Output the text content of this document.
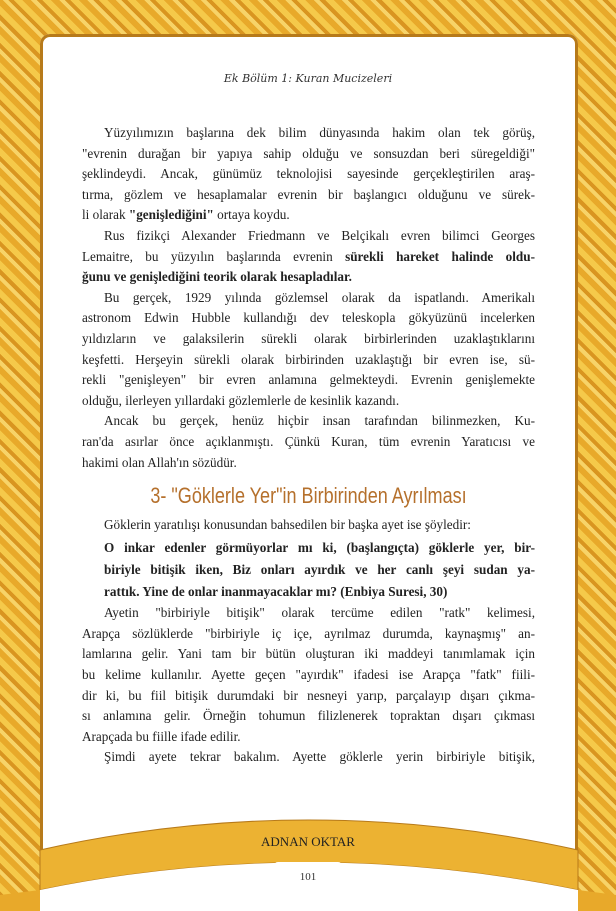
Ek Bölüm 1: Kuran Mucizeleri
Yüzyılımızın başlarına dek bilim dünyasında hakim olan tek görüş,
"evrenin durağan bir yapıya sahip olduğu ve sonsuzdan beri süregeldiği"
şeklindeydi. Ancak, günümüz teknolojisi sayesinde gerçekleştirilen araş-
tırma, gözlem ve hesaplamalar evrenin bir başlangıcı olduğunu ve sürek-
li olarak "genişlediğini" ortaya koydu.
Rus fizikçi Alexander Friedmann ve Belçikalı evren bilimci Georges
Lemaitre, bu yüzyılın başlarında evrenin sürekli hareket halinde oldu-
ğunu ve genişlediğini teorik olarak hesapladılar.
Bu gerçek, 1929 yılında gözlemsel olarak da ispatlandı. Amerikalı
astronom Edwin Hubble kullandığı dev teleskopla gökyüzünü incelerken
yıldızların ve galaksilerin sürekli olarak birbirlerinden uzaklaştıklarını
keşfetti. Herşeyin sürekli olarak birbirinden uzaklaştığı bir evren ise, sü-
rekli "genişleyen" bir evren anlamına gelmekteydi. Evrenin genişlemekte
olduğu, ilerleyen yıllardaki gözlemlerle de kesinlik kazandı.
Ancak bu gerçek, henüz hiçbir insan tarafından bilinmezken, Ku-
ran'da asırlar önce açıklanmıştı. Çünkü Kuran, tüm evrenin Yaratıcısı ve
hakimi olan Allah'ın sözüdür.
3- "Göklerle Yer"in Birbirinden Ayrılması
Göklerin yaratılışı konusundan bahsedilen bir başka ayet ise şöyledir:
O inkar edenler görmüyorlar mı ki, (başlangıçta) göklerle yer, bir-
biriyle bitişik iken, Biz onları ayırdık ve her canlı şeyi sudan ya-
rattık. Yine de onlar inanmayacaklar mı? (Enbiya Suresi, 30)
Ayetin "birbiriyle bitişik" olarak tercüme edilen "ratk" kelimesi,
Arapça sözlüklerde "birbiriyle iç içe, ayrılmaz durumda, kaynaşmış" an-
lamlarına gelir. Yani tam bir bütün oluşturan iki maddeyi tanımlamak için
bu kelime kullanılır. Ayette geçen "ayırdık" ifadesi ise Arapça "fatk" fiili-
dir ki, bu fiil bitişik durumdaki bir nesneyi yarıp, parçalayıp dışarı çıkma-
sı anlamına gelir. Örneğin tohumun filizlenerek topraktan dışarı çıkması
Arapçada bu fiille ifade edilir.
Şimdi ayete tekrar bakalım. Ayette göklerle yerin birbiriyle bitişik,
ADNAN OKTAR
101
